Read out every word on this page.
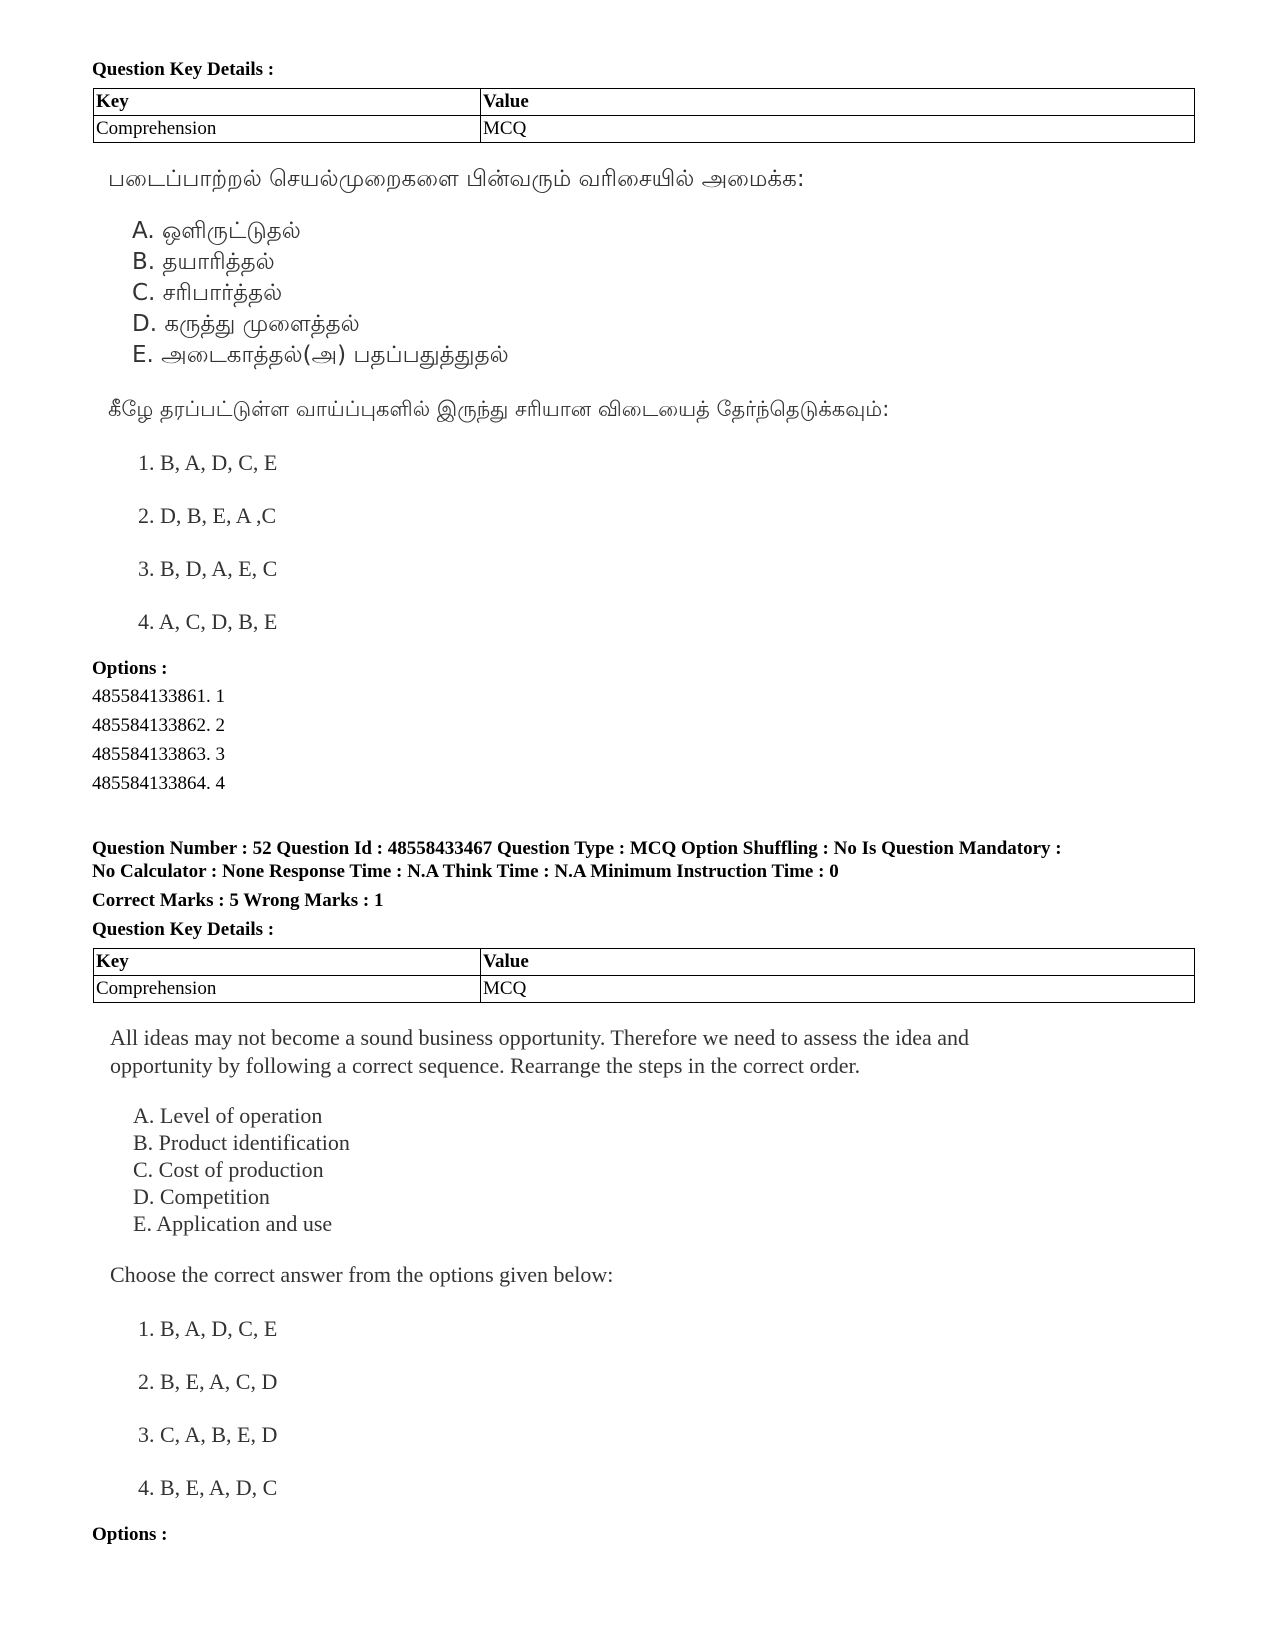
Question Key Details :
Key	Value
Comprehension	MCQ
படைப்பாற்றல் செயல்முறைகளை பின்வரும் வரிசையில் அமைக்க:
A. ஒளிருட்டுதல்
B. தயாரித்தல்
C. சரிபார்த்தல்
D. கருத்து முளைத்தல்
E. அடைகாத்தல்(அ) பதப்பதுத்துதல்
கீழே தரப்பட்டுள்ள வாய்ப்புகளில் இருந்து சரியான விடையைத் தேர்ந்தெடுக்கவும்:
1. B, A, D, C, E
2. D, B, E, A ,C
3. B, D, A, E, C
4. A, C, D, B, E
Options :
485584133861. 1
485584133862. 2
485584133863. 3
485584133864. 4
Question Number : 52 Question Id : 48558433467 Question Type : MCQ Option Shuffling : No Is Question Mandatory :
No Calculator : None Response Time : N.A Think Time : N.A Minimum Instruction Time : 0
Correct Marks : 5 Wrong Marks : 1
Question Key Details :
Key	Value
Comprehension	MCQ
All ideas may not become a sound business opportunity. Therefore we need to assess the idea and
opportunity by following a correct sequence. Rearrange the steps in the correct order.
A. Level of operation
B. Product identification
C. Cost of production
D. Competition
E. Application and use
Choose the correct answer from the options given below:
1. B, A, D, C, E
2. B, E, A, C, D
3. C, A, B, E, D
4. B, E, A, D, C
Options :
